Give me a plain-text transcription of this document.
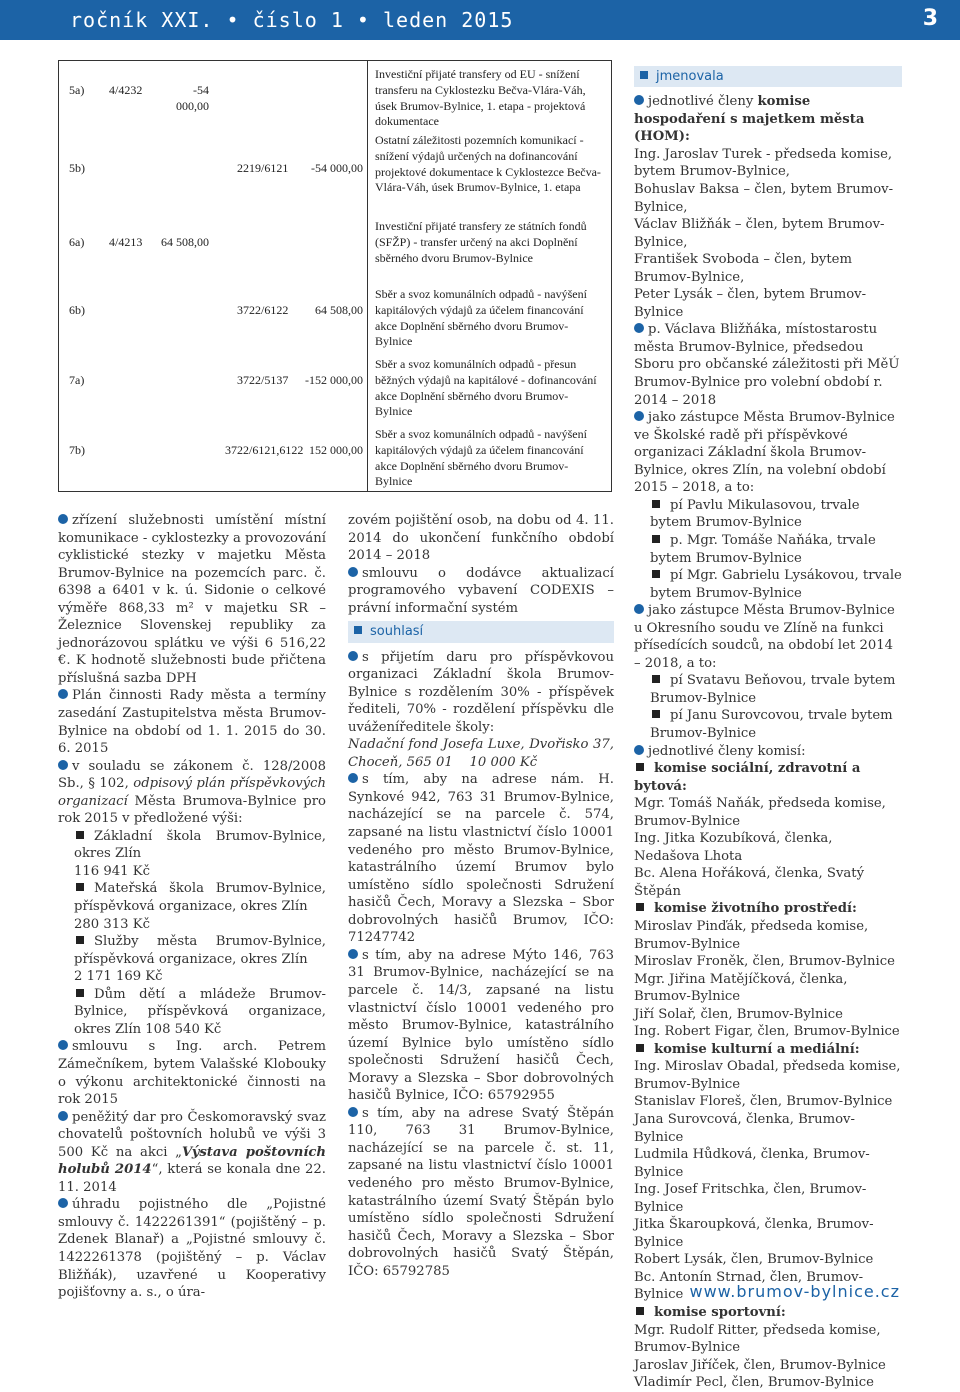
ročník XXI. • číslo 1 • leden 2015	3
5a) 4/4232	-54 000,00
Investiční přijaté transfery od EU - snížení transferu na Cyklostezku Bečva-Vlára-Váh, úsek Brumov-Bylnice, 1. etapa - projektová dokumentace
5b)	2219/6121	-54 000,00
Ostatní záležitosti pozemních komunikací - snížení výdajů určených na dofinancování projektové dokumentace k Cyklostezce Bečva-Vlára-Váh, úsek Brumov-Bylnice, 1. etapa
6a) 4/4213	64 508,00
Investiční přijaté transfery ze státních fondů (SFŽP) - transfer určený na akci Doplnění sběrného dvoru Brumov-Bylnice
6b)	3722/6122	64 508,00
Sběr a svoz komunálních odpadů - navýšení kapitálových výdajů za účelem financování akce Doplnění sběrného dvoru Brumov-Bylnice
7a)	3722/5137	-152 000,00
Sběr a svoz komunálních odpadů - přesun běžných výdajů na kapitálové - dofinancování akce Doplnění sběrného dvoru Brumov-Bylnice
7b)	3722/6121,6122 152 000,00
Sběr a svoz komunálních odpadů - navýšení kapitálových výdajů za účelem financování akce Doplnění sběrného dvoru Brumov-Bylnice

zřízení služebnosti umístění místní komunikace - cyklostezky a provozování cyklistické stezky v majetku Města Brumov-Bylnice na pozemcích parc. č. 6398 a 6401 v k. ú. Sidonie o celkové výměře 868,33 m² v majetku SR – Železnice Slovenskej republiky za jednorázovou splátku ve výši 6 516,22 €. K hodnotě služebnosti bude přičtena příslušná sazba DPH

Plán činnosti Rady města a termíny zasedání Zastupitelstva města Brumov-Bylnice na období od 1. 1. 2015 do 30. 6. 2015

v souladu se zákonem č. 128/2008 Sb., § 102, odpisový plán příspěvkových organizací Města Brumova-Bylnice pro rok 2015 v předložené výši:

Základní škola Brumov-Bylnice, okres Zlín

116 941 Kč

Mateřská škola Brumov-Bylnice, příspěvková organizace, okres Zlín

280 313 Kč

Služby města Brumov-Bylnice, příspěvková organizace, okres Zlín

2 171 169 Kč

Dům dětí a mládeže Brumov-Bylnice, příspěvková organizace, okres Zlín 108 540 Kč

smlouvu s Ing. arch. Petrem Zámečníkem, bytem Valašské Klobouky o výkonu architektonické činnosti na rok 2015

peněžitý dar pro Českomoravský svaz chovatelů poštovních holubů ve výši 3 500 Kč na akci „Výstava poštovních holubů 2014“, která se konala dne 22. 11. 2014

úhradu pojistného dle „Pojistné smlouvy č. 1422261391“ (pojištěný – p. Zdenek Blanař) a „Pojistné smlouvy č. 1422261378 (pojištěný – p. Václav Bližňák), uzavřené u Kooperativy pojišťovny a. s., o úra-

zovém pojištění osob, na dobu od 4. 11. 2014 do ukončení funkčního období 2014 – 2018

smlouvu o dodávce aktualizací programového vybavení CODEXIS – právní informační systém

souhlasí

s přijetím daru pro příspěvkovou organizaci Základní škola Brumov-Bylnice s rozdělením 30% - příspěvek řediteli, 70% - rozdělení příspěvku dle uváženíředitele školy:

Nadační fond Josefa Luxe, Dvořisko 37, Choceň, 565 01 10 000 Kč

s tím, aby na adrese nám. H. Synkové 942, 763 31 Brumov-Bylnice, nacházející se na parcele č. 574, zapsané na listu vlastnictví číslo 10001 vedeného pro město Brumov-Bylnice, katastrálního území Brumov bylo umístěno sídlo společnosti Sdružení hasičů Čech, Moravy a Slezska – Sbor dobrovolných hasičů Brumov, IČO: 71247742

s tím, aby na adrese Mýto 146, 763 31 Brumov-Bylnice, nacházející se na parcele č. 14/3, zapsané na listu vlastnictví číslo 10001 vedeného pro město Brumov-Bylnice, katastrálního území Bylnice bylo umístěno sídlo společnosti Sdružení hasičů Čech, Moravy a Slezska – Sbor dobrovolných hasičů Bylnice, IČO: 65792955

s tím, aby na adrese Svatý Štěpán 110, 763 31 Brumov-Bylnice, nacházející se na parcele č. st. 11, zapsané na listu vlastnictví číslo 10001 vedeného pro město Brumov-Bylnice, katastrálního území Svatý Štěpán bylo umístěno sídlo společnosti Sdružení hasičů Čech, Moravy a Slezska – Sbor dobrovolných hasičů Svatý Štěpán, IČO: 65792785

jmenovala

jednotlivé členy komise hospodaření s majetkem města (HOM):

Ing. Jaroslav Turek - předseda komise, bytem Brumov-Bylnice,

Bohuslav Baksa – člen, bytem Brumov-Bylnice,

Václav Bližňák – člen, bytem Brumov-Bylnice,

František Svoboda – člen, bytem Brumov-Bylnice,

Peter Lysák – člen, bytem Brumov-Bylnice

p. Václava Bližňáka, místostarostu města Brumov-Bylnice, předsedou Sboru pro občanské záležitosti při MěÚ Brumov-Bylnice pro volební období r. 2014 – 2018

jako zástupce Města Brumov-Bylnice ve Školské radě při příspěvkové organizaci Základní škola Brumov-Bylnice, okres Zlín, na volební období 2015 – 2018, a to:

pí Pavlu Mikulasovou, trvale bytem Brumov-Bylnice

p. Mgr. Tomáše Naňáka, trvale bytem Brumov-Bylnice

pí Mgr. Gabrielu Lysákovou, trvale bytem Brumov-Bylnice

jako zástupce Města Brumov-Bylnice u Okresního soudu ve Zlíně na funkci přísedících soudců, na období let 2014 – 2018, a to:

pí Svatavu Beňovou, trvale bytem Brumov-Bylnice

pí Janu Surovcovou, trvale bytem Brumov-Bylnice

jednotlivé členy komisí:

komise sociální, zdravotní a bytová:

Mgr. Tomáš Naňák, předseda komise, Brumov-Bylnice

Ing. Jitka Kozubíková, členka, Nedašova Lhota

Bc. Alena Hořáková, členka, Svatý Štěpán

komise životního prostředí:

Miroslav Pinďák, předseda komise, Brumov-Bylnice

Miroslav Froněk, člen, Brumov-Bylnice

Mgr. Jiřina Matějíčková, členka, Brumov-Bylnice

Jiří Solař, člen, Brumov-Bylnice

Ing. Robert Figar, člen, Brumov-Bylnice

komise kulturní a mediální:

Ing. Miroslav Obadal, předseda komise, Brumov-Bylnice

Stanislav Floreš, člen, Brumov-Bylnice

Jana Surovcová, členka, Brumov-Bylnice

Ludmila Hůdková, členka, Brumov-Bylnice

Ing. Josef Fritschka, člen, Brumov-Bylnice

Jitka Škaroupková, členka, Brumov-Bylnice

Robert Lysák, člen, Brumov-Bylnice

Bc. Antonín Strnad, člen, Brumov-Bylnice

komise sportovní:

Mgr. Rudolf Ritter, předseda komise, Brumov-Bylnice

Jaroslav Jiříček, člen, Brumov-Bylnice

Vladimír Pecl, člen, Brumov-Bylnice

www.brumov-bylnice.cz
